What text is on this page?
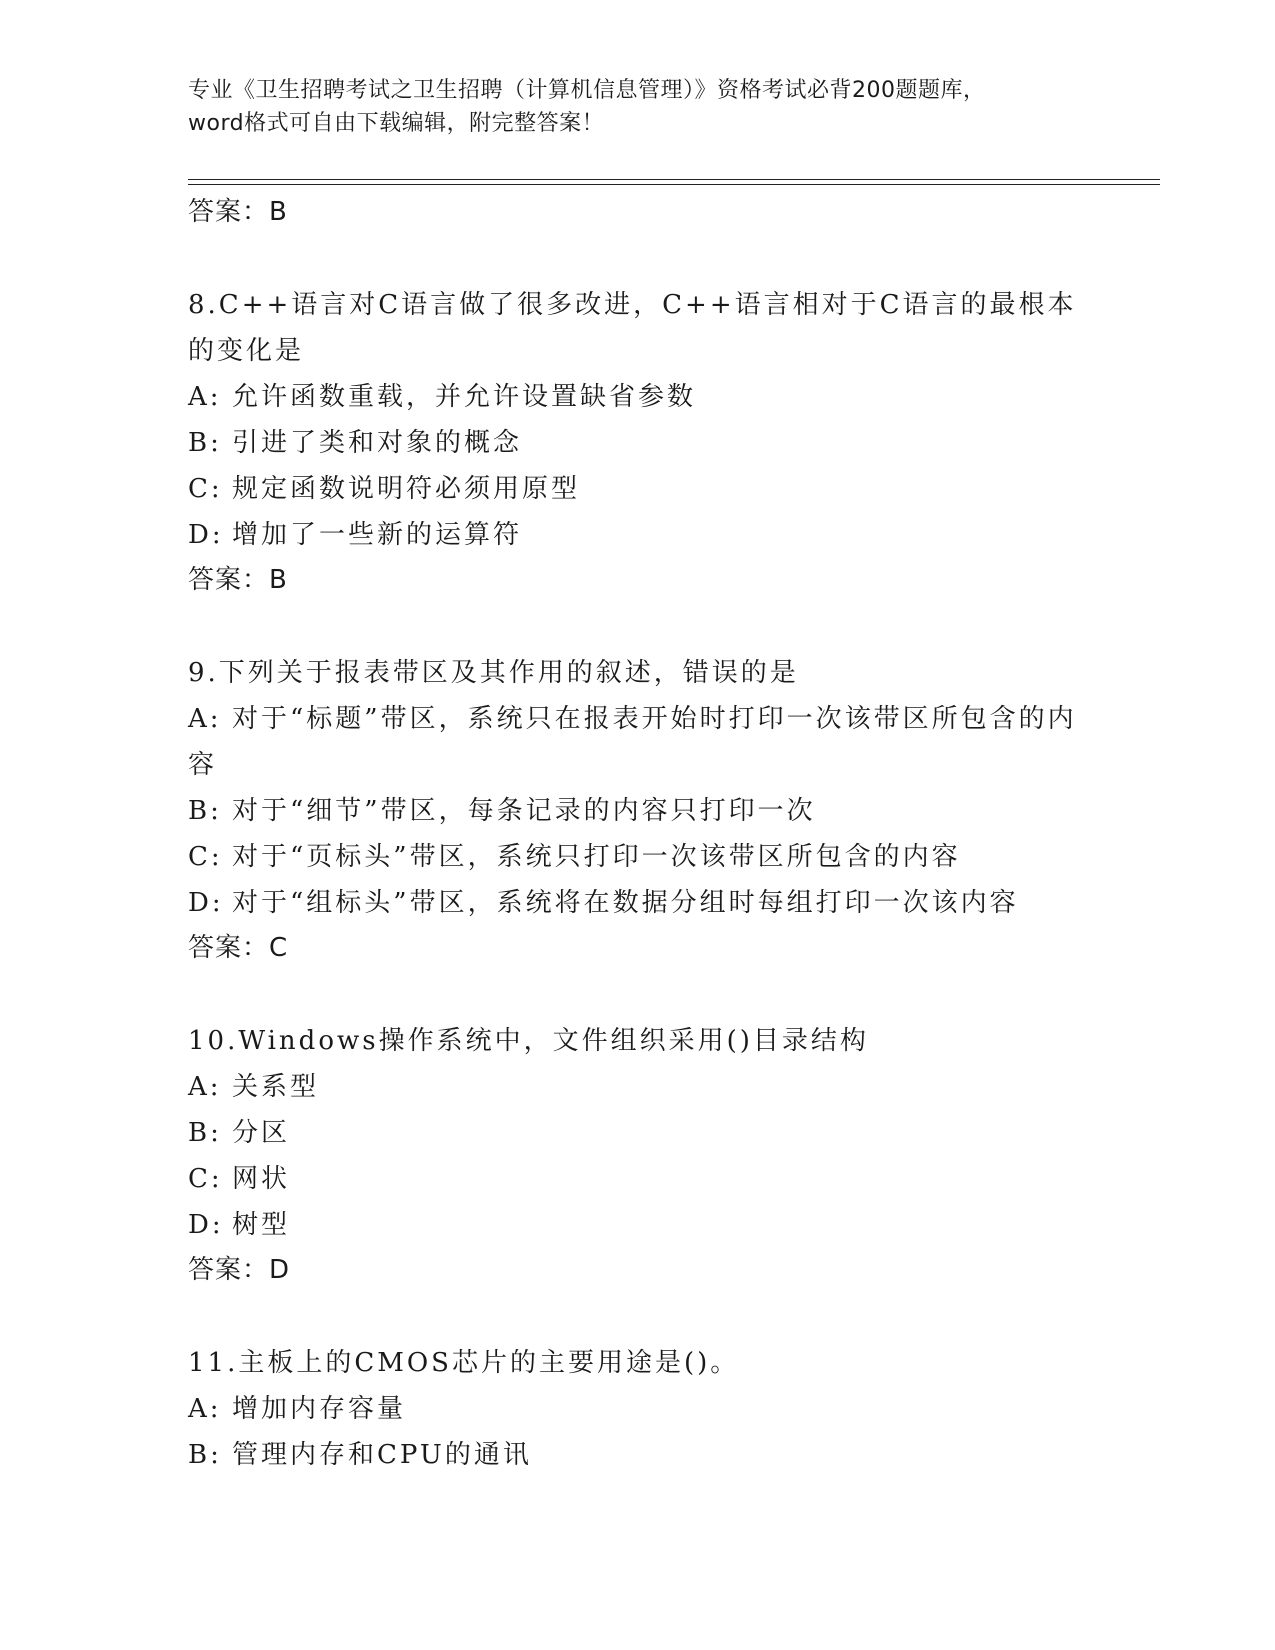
专业《卫生招聘考试之卫生招聘（计算机信息管理）》资格考试必背200题题库，
word格式可自由下载编辑，附完整答案！
答案：B
8.C++语言对C语言做了很多改进，C++语言相对于C语言的最根本的变化是
A: 允许函数重载，并允许设置缺省参数
B: 引进了类和对象的概念
C: 规定函数说明符必须用原型
D: 增加了一些新的运算符
答案：B
9.下列关于报表带区及其作用的叙述，错误的是
A: 对于“标题”带区，系统只在报表开始时打印一次该带区所包含的内容
B: 对于“细节”带区，每条记录的内容只打印一次
C: 对于“页标头”带区，系统只打印一次该带区所包含的内容
D: 对于“组标头”带区，系统将在数据分组时每组打印一次该内容
答案：C
10.Windows操作系统中，文件组织采用()目录结构
A: 关系型
B: 分区
C: 网状
D: 树型
答案：D
11.主板上的CMOS芯片的主要用途是()。
A: 增加内存容量
B: 管理内存和CPU的通讯
